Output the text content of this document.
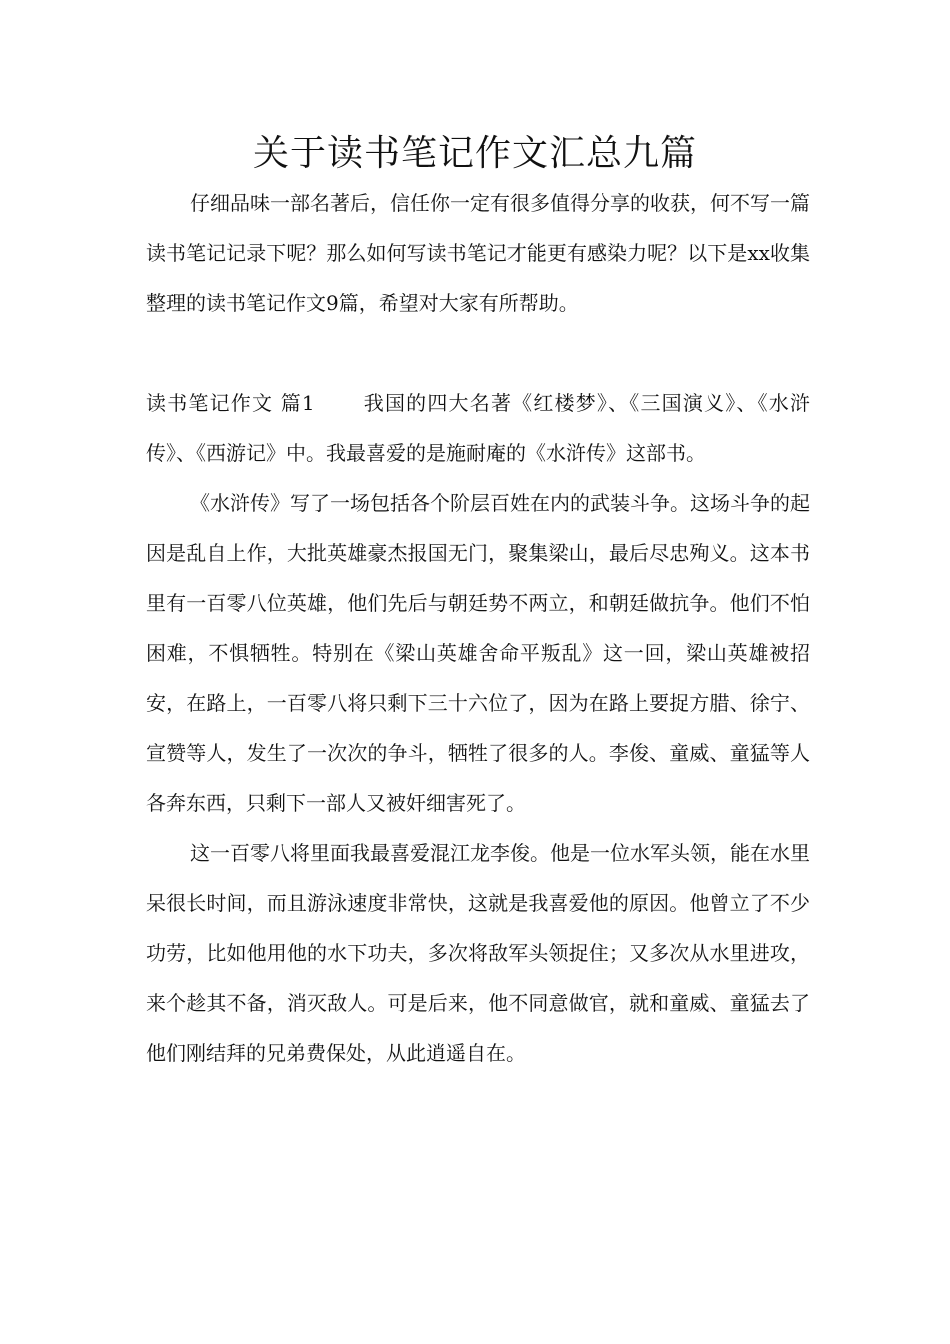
关于读书笔记作文汇总九篇

仔细品味一部名著后，信任你一定有很多值得分享的收获，何不写一篇读书笔记记录下呢？那么如何写读书笔记才能更有感染力呢？以下是xx收集整理的读书笔记作文9篇，希望对大家有所帮助。

读书笔记作文 篇1 我国的四大名著《红楼梦》、《三国演义》、《水浒传》、《西游记》中。我最喜爱的是施耐庵的《水浒传》这部书。

《水浒传》写了一场包括各个阶层百姓在内的武装斗争。这场斗争的起因是乱自上作，大批英雄豪杰报国无门，聚集梁山，最后尽忠殉义。这本书里有一百零八位英雄，他们先后与朝廷势不两立，和朝廷做抗争。他们不怕困难，不惧牺牲。特别在《梁山英雄舍命平叛乱》这一回，梁山英雄被招安，在路上，一百零八将只剩下三十六位了，因为在路上要捉方腊、徐宁、宣赞等人，发生了一次次的争斗，牺牲了很多的人。李俊、童威、童猛等人各奔东西，只剩下一部人又被奸细害死了。

这一百零八将里面我最喜爱混江龙李俊。他是一位水军头领，能在水里呆很长时间，而且游泳速度非常快，这就是我喜爱他的原因。他曾立了不少功劳，比如他用他的水下功夫，多次将敌军头领捉住；又多次从水里进攻，来个趁其不备，消灭敌人。可是后来，他不同意做官，就和童威、童猛去了他们刚结拜的兄弟费保处，从此逍遥自在。
